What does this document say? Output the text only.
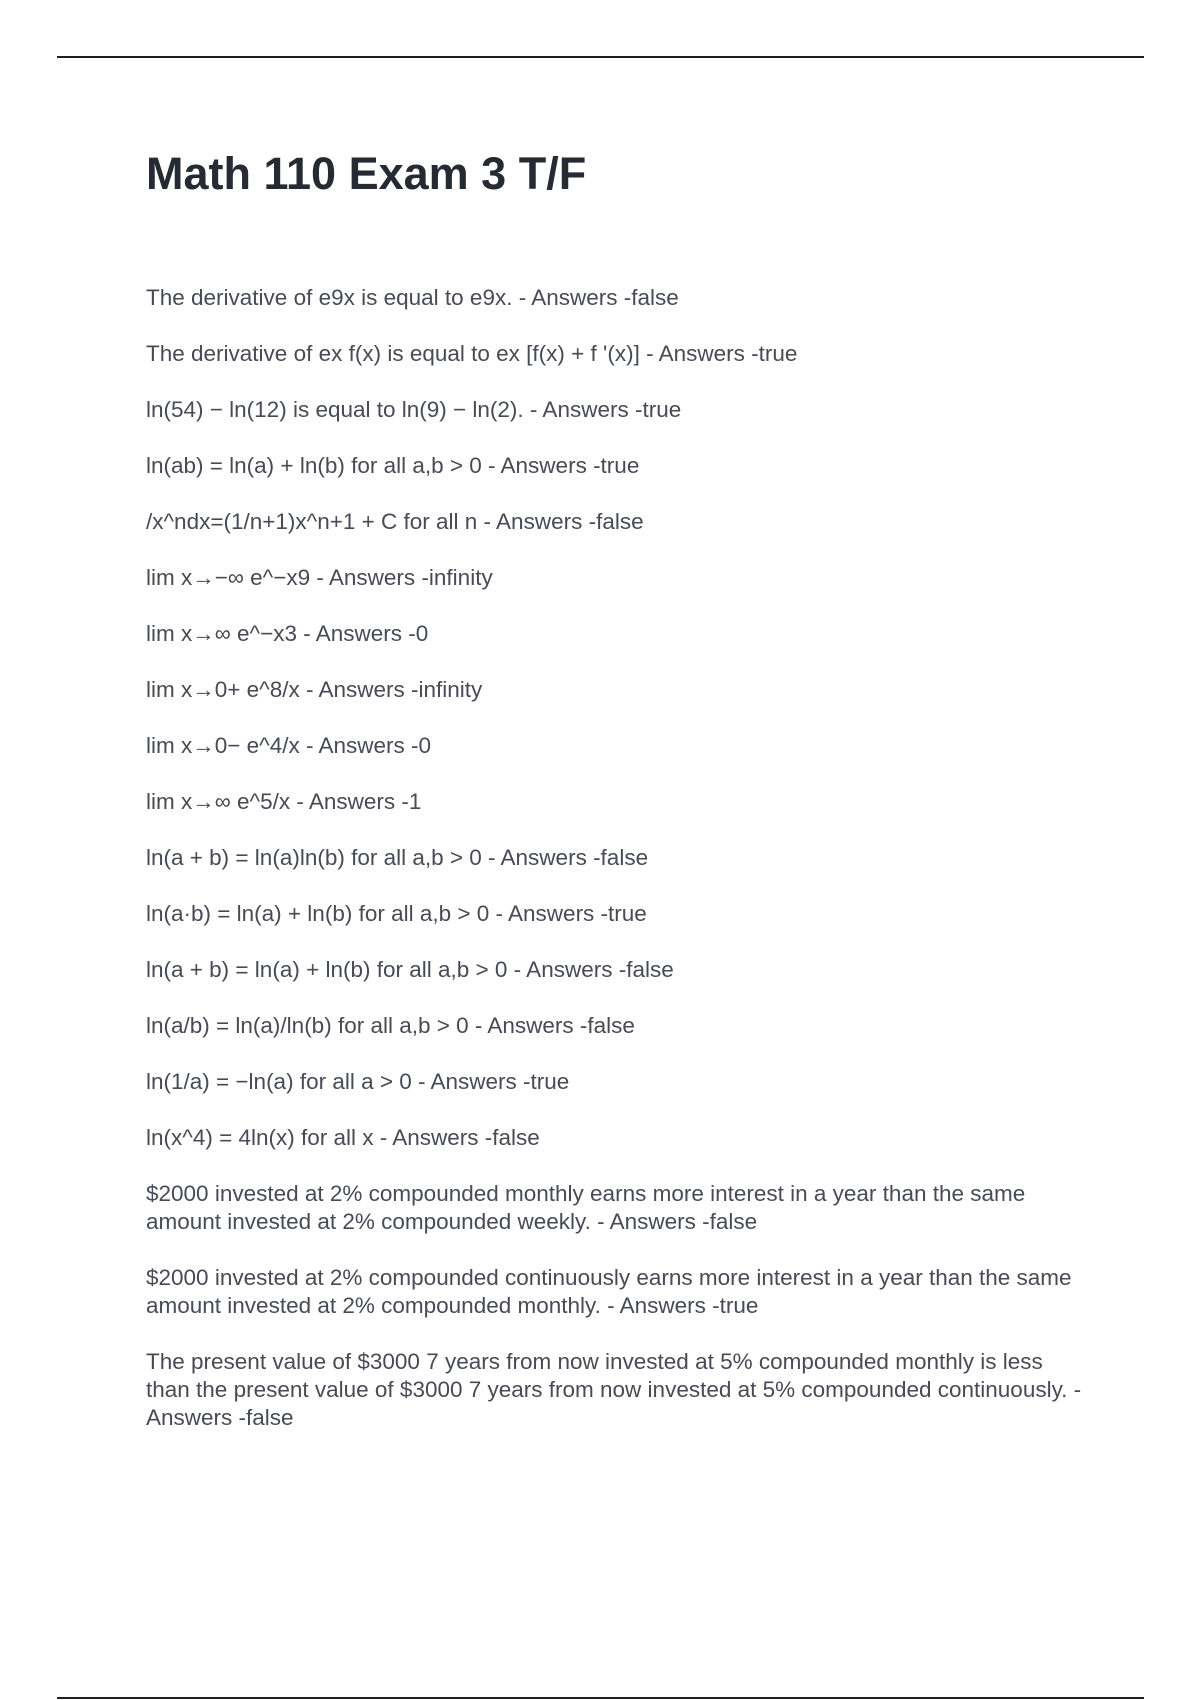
Math 110 Exam 3 T/F
The derivative of e9x is equal to e9x. - Answers -false
The derivative of ex f(x) is equal to ex [f(x) + f '(x)] - Answers -true
ln(54) − ln(12) is equal to ln(9) − ln(2). - Answers -true
ln(ab) = ln(a) + ln(b) for all a,b > 0 - Answers -true
/x^ndx=(1/n+1)x^n+1 + C for all n - Answers -false
lim x→−∞ e^−x9 - Answers -infinity
lim x→∞ e^−x3 - Answers -0
lim x→0+ e^8/x - Answers -infinity
lim x→0− e^4/x - Answers -0
lim x→∞ e^5/x - Answers -1
ln(a + b) = ln(a)ln(b) for all a,b > 0 - Answers -false
ln(a·b) = ln(a) + ln(b) for all a,b > 0 - Answers -true
ln(a + b) = ln(a) + ln(b) for all a,b > 0 - Answers -false
ln(a/b) = ln(a)/ln(b) for all a,b > 0 - Answers -false
ln(1/a) = −ln(a) for all a > 0 - Answers -true
ln(x^4) = 4ln(x) for all x - Answers -false
$2000 invested at 2% compounded monthly earns more interest in a year than the same amount invested at 2% compounded weekly. - Answers -false
$2000 invested at 2% compounded continuously earns more interest in a year than the same amount invested at 2% compounded monthly. - Answers -true
The present value of $3000 7 years from now invested at 5% compounded monthly is less than the present value of $3000 7 years from now invested at 5% compounded continuously. - Answers -false
